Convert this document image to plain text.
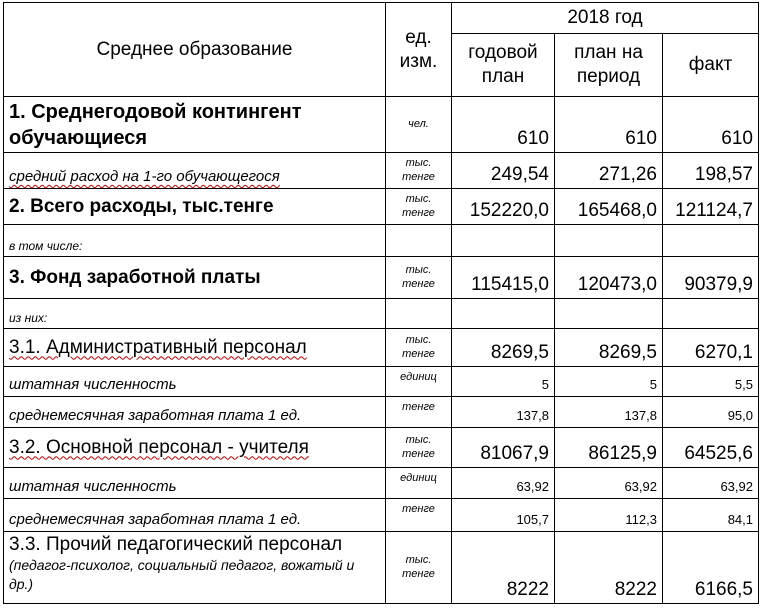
Среднее образование	ед. изм.	2018 год		
		годовой план	план на период	факт
1. Среднегодовой контингент обучающиеся	чел.	610	610	610
средний расход на 1-го обучающегося	тыс. тенге	249,54	271,26	198,57
2. Всего расходы, тыс.тенге	тыс. тенге	152220,0	165468,0	121124,7
в том числе:				
3. Фонд заработной платы	тыс. тенге	115415,0	120473,0	90379,9
из них:				
3.1. Административный персонал	тыс. тенге	8269,5	8269,5	6270,1
штатная численность	единиц	5	5	5,5
среднемесячная заработная плата 1 ед.	тенге	137,8	137,8	95,0
3.2. Основной персонал - учителя	тыс. тенге	81067,9	86125,9	64525,6
штатная численность	единиц	63,92	63,92	63,92
среднемесячная заработная плата 1 ед.	тенге	105,7	112,3	84,1

3.3. Прочий педагогический персонал
(педагог-психолог, социальный педагог, вожатый и др.)	тыс. тенге	8222	8222	6166,5
